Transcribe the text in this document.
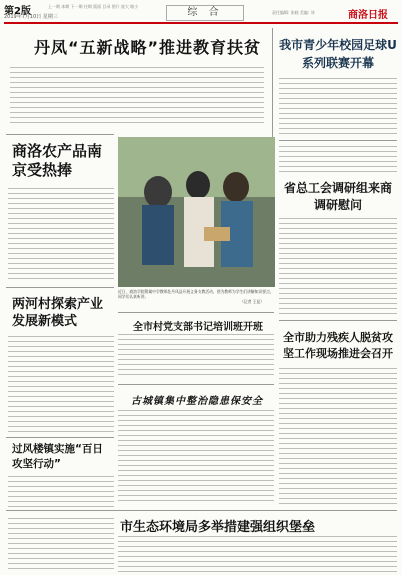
第2版
2019年7月10日 星期三
上一期 本期 下一期 往期 版面 目录 图片 放大 缩小
综 合	责任编辑: 张晓 美编: 刘	商洛日报
丹凤“五新战略”推进教育扶贫 我市青少年校园足球U系列联赛开幕
商洛农产品南京受热捧
近日，商洛学院附属中学教师赴丹凤县开展义务支教活动，图为教师为学生们讲解知识要点，同学们认真听讲。
（记者 王昆）
省总工会调研组来商调研慰问
两河村探索产业发展新模式	全市村党支部书记培训班开班
全市助力残疾人脱贫攻坚工作现场推进会召开
古城镇集中整治隐患保安全
过风楼镇实施“百日攻坚行动”
市生态环境局多举措建强组织堡垒
